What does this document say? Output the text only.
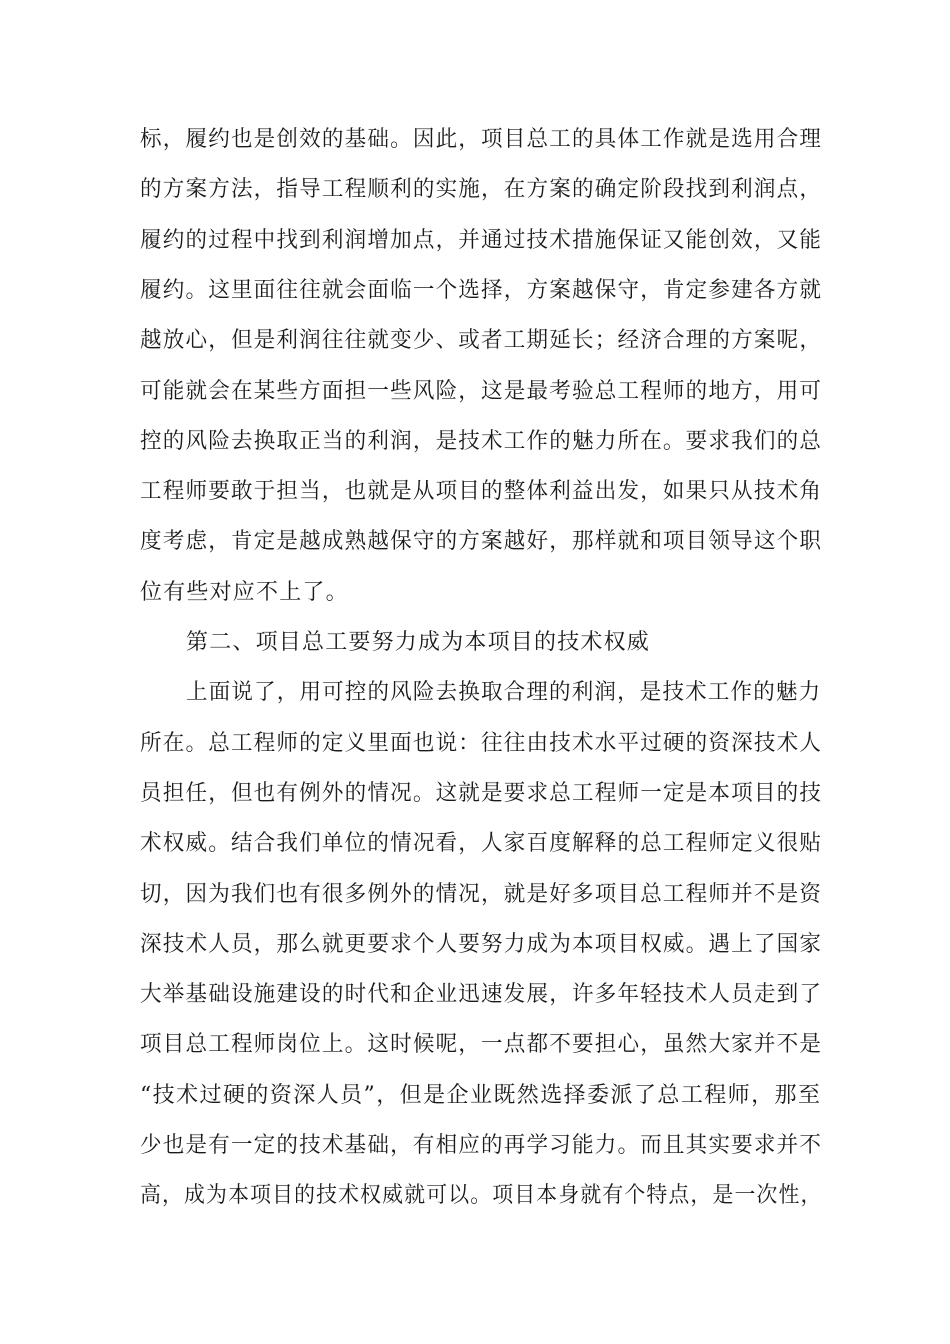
标，履约也是创效的基础。因此，项目总工的具体工作就是选用合理
的方案方法，指导工程顺利的实施，在方案的确定阶段找到利润点，
履约的过程中找到利润增加点，并通过技术措施保证又能创效，又能
履约。这里面往往就会面临一个选择，方案越保守，肯定参建各方就
越放心，但是利润往往就变少、或者工期延长；经济合理的方案呢，
可能就会在某些方面担一些风险，这是最考验总工程师的地方，用可
控的风险去换取正当的利润，是技术工作的魅力所在。要求我们的总
工程师要敢于担当，也就是从项目的整体利益出发，如果只从技术角
度考虑，肯定是越成熟越保守的方案越好，那样就和项目领导这个职
位有些对应不上了。
第二、项目总工要努力成为本项目的技术权威
上面说了，用可控的风险去换取合理的利润，是技术工作的魅力
所在。总工程师的定义里面也说：往往由技术水平过硬的资深技术人
员担任，但也有例外的情况。这就是要求总工程师一定是本项目的技
术权威。结合我们单位的情况看，人家百度解释的总工程师定义很贴
切，因为我们也有很多例外的情况，就是好多项目总工程师并不是资
深技术人员，那么就更要求个人要努力成为本项目权威。遇上了国家
大举基础设施建设的时代和企业迅速发展，许多年轻技术人员走到了
项目总工程师岗位上。这时候呢，一点都不要担心，虽然大家并不是
“技术过硬的资深人员”，但是企业既然选择委派了总工程师，那至
少也是有一定的技术基础，有相应的再学习能力。而且其实要求并不
高，成为本项目的技术权威就可以。项目本身就有个特点，是一次性，
